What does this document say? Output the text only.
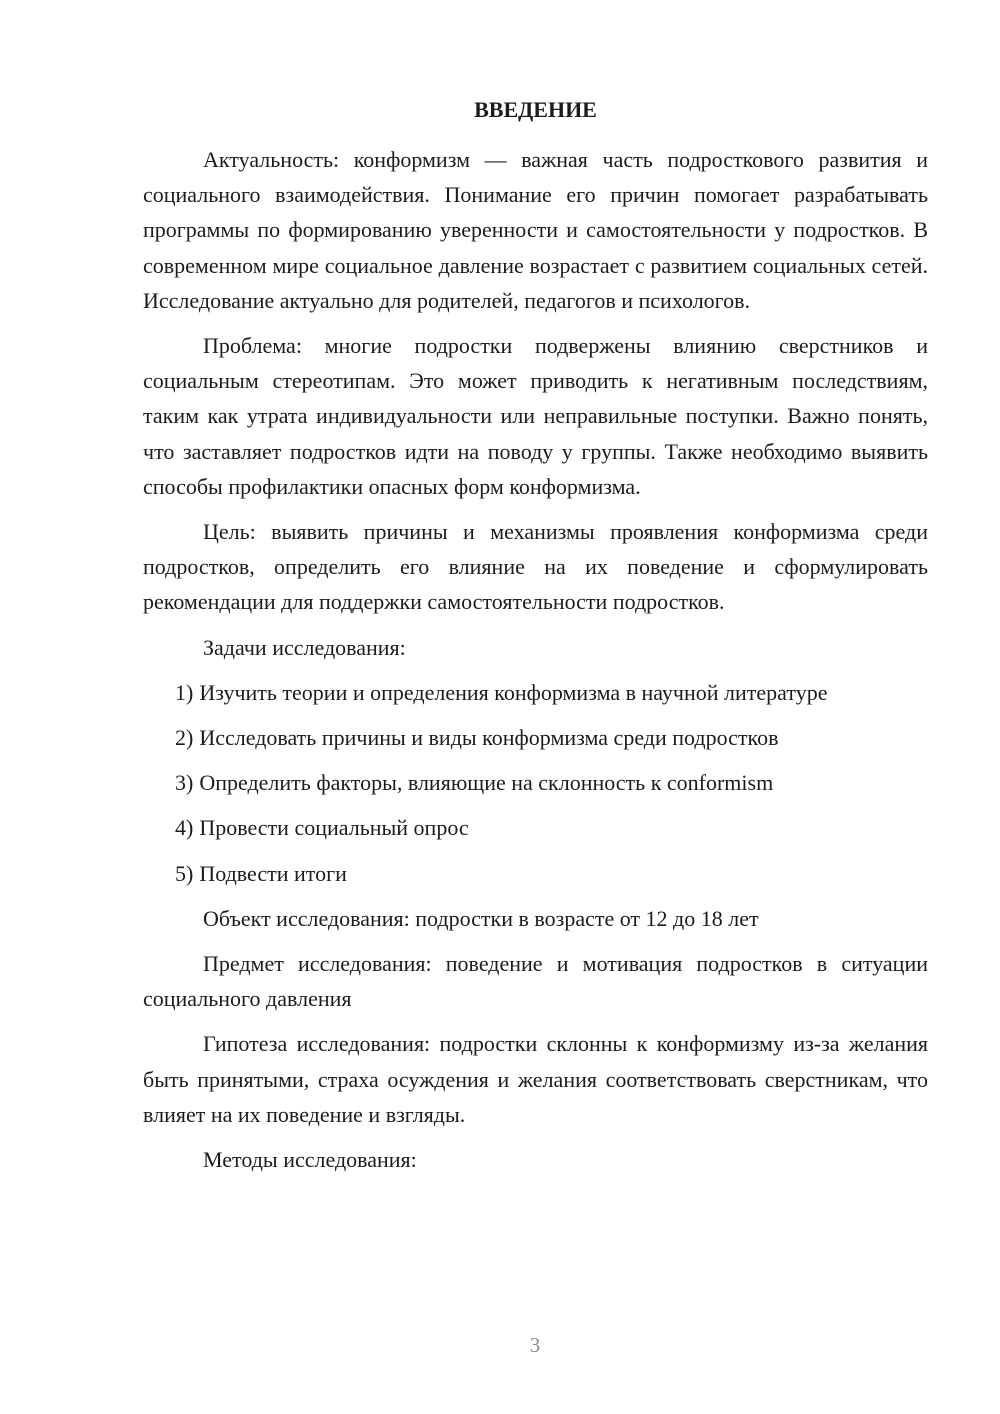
ВВЕДЕНИЕ

Актуальность: конформизм — важная часть подросткового развития и социального взаимодействия. Понимание его причин помогает разрабатывать программы по формированию уверенности и самостоятельности у подростков. В современном мире социальное давление возрастает с развитием социальных сетей. Исследование актуально для родителей, педагогов и психологов.

Проблема: многие подростки подвержены влиянию сверстников и социальным стереотипам. Это может приводить к негативным последствиям, таким как утрата индивидуальности или неправильные поступки. Важно понять, что заставляет подростков идти на поводу у группы. Также необходимо выявить способы профилактики опасных форм конформизма.

Цель: выявить причины и механизмы проявления конформизма среди подростков, определить его влияние на их поведение и сформулировать рекомендации для поддержки самостоятельности подростков.

Задачи исследования:

1) Изучить теории и определения конформизма в научной литературе
2) Исследовать причины и виды конформизма среди подростков
3) Определить факторы, влияющие на склонность к conformism
4) Провести социальный опрос
5) Подвести итоги

Объект исследования: подростки в возрасте от 12 до 18 лет

Предмет исследования: поведение и мотивация подростков в ситуации социального давления

Гипотеза исследования: подростки склонны к конформизму из-за желания быть принятыми, страха осуждения и желания соответствовать сверстникам, что влияет на их поведение и взгляды.

Методы исследования:

3
